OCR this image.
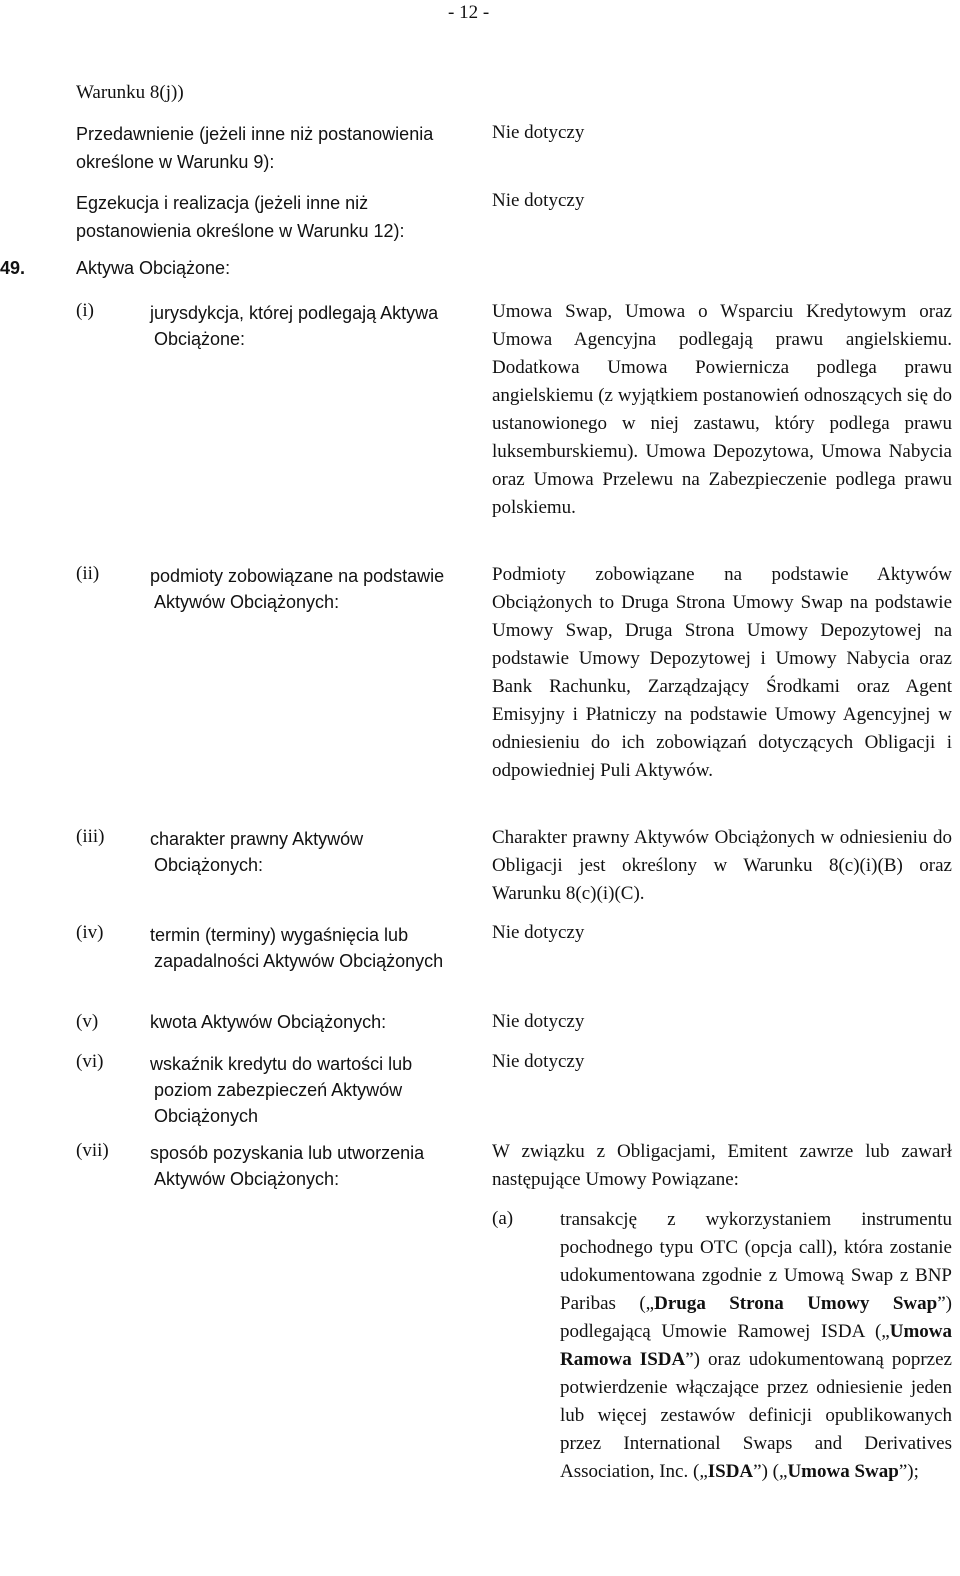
- 12 -
Warunku 8(j))
Przedawnienie (jeżeli inne niż postanowienia określone w Warunku 9):
Nie dotyczy
Egzekucja i realizacja (jeżeli inne niż postanowienia określone w Warunku 12):
Nie dotyczy
49.	Aktywa Obciążone:
(i)	jurysdykcja, której podlegają Aktywa Obciążone:
Umowa Swap, Umowa o Wsparciu Kredytowym oraz Umowa Agencyjna podlegają prawu angielskiemu. Dodatkowa Umowa Powiernicza podlega prawu angielskiemu (z wyjątkiem postanowień odnoszących się do ustanowionego w niej zastawu, który podlega prawu luksemburskiemu). Umowa Depozytowa, Umowa Nabycia oraz Umowa Przelewu na Zabezpieczenie podlega prawu polskiemu.
(ii)	podmioty zobowiązane na podstawie Aktywów Obciążonych:
Podmioty zobowiązane na podstawie Aktywów Obciążonych to Druga Strona Umowy Swap na podstawie Umowy Swap, Druga Strona Umowy Depozytowej na podstawie Umowy Depozytowej i Umowy Nabycia oraz Bank Rachunku, Zarządzający Środkami oraz Agent Emisyjny i Płatniczy na podstawie Umowy Agencyjnej w odniesieniu do ich zobowiązań dotyczących Obligacji i odpowiedniej Puli Aktywów.
(iii)	charakter prawny Aktywów Obciążonych:
Charakter prawny Aktywów Obciążonych w odniesieniu do Obligacji jest określony w Warunku 8(c)(i)(B) oraz Warunku 8(c)(i)(C).
(iv)	termin (terminy) wygaśnięcia lub zapadalności Aktywów Obciążonych
Nie dotyczy
(v)	kwota Aktywów Obciążonych:	Nie dotyczy
(vi)	wskaźnik kredytu do wartości lub poziom zabezpieczeń Aktywów Obciążonych
Nie dotyczy
(vii) sposób pozyskania lub utworzenia Aktywów Obciążonych:
W związku z Obligacjami, Emitent zawrze lub zawarł następujące Umowy Powiązane:
(a) transakcję z wykorzystaniem instrumentu pochodnego typu OTC (opcja call), która zostanie udokumentowana zgodnie z Umową Swap z BNP Paribas („Druga Strona Umowy Swap”) podlegającą Umowie Ramowej ISDA („Umowa Ramowa ISDA”) oraz udokumentowaną poprzez potwierdzenie włączające przez odniesienie jeden lub więcej zestawów definicji opublikowanych przez International Swaps and Derivatives Association, Inc. („ISDA”) („Umowa Swap”);
